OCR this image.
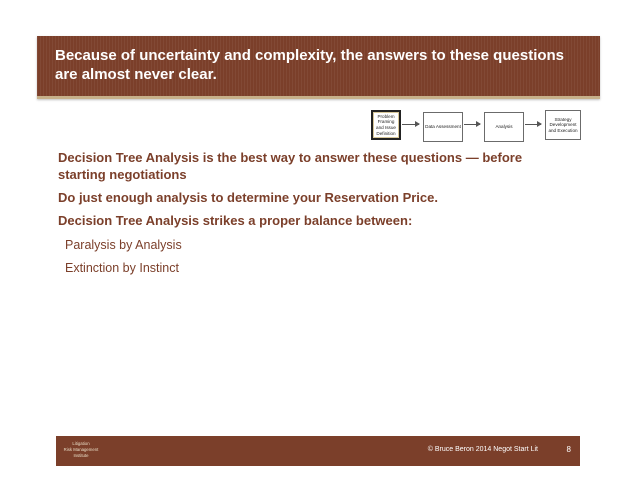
Because of uncertainty and complexity, the answers to these questions are almost never clear.
Problem Framing and Issue Definition
Data Assessment	Analysis
Strategy Development and Execution

Decision Tree Analysis is the best way to answer these questions — before starting negotiations

Do just enough analysis to determine your Reservation Price.

Decision Tree Analysis strikes a proper balance between:

Paralysis by Analysis

Extinction by Instinct

Litigation
Risk Management
Institute
© Bruce Beron 2014 Negot Start Lit	8
